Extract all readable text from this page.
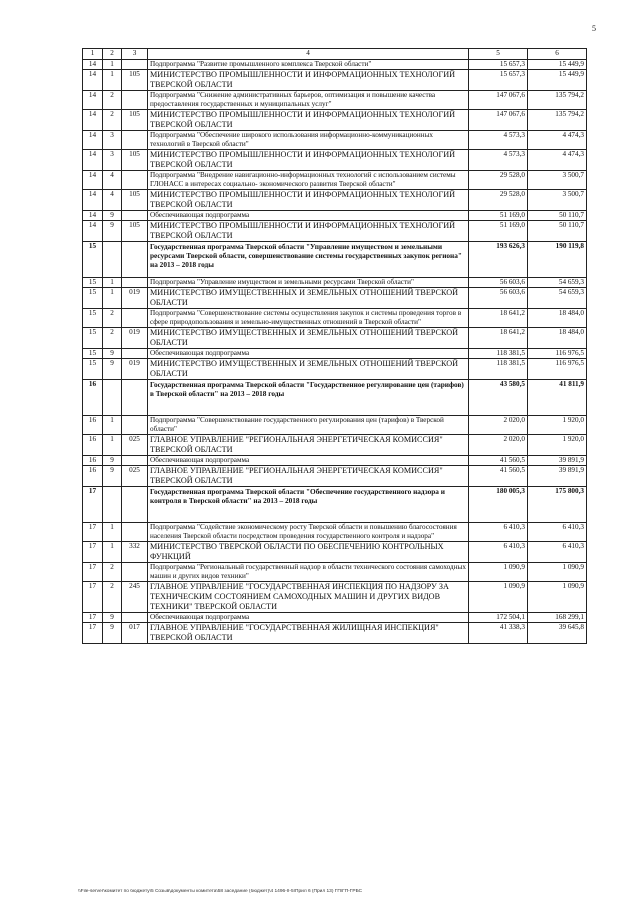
5
1	2	3	4	5	6
14	1		Подпрограмма "Развитие промышленного комплекса Тверской области"	15 657,3	15 449,9
14	1	105	МИНИСТЕРСТВО ПРОМЫШЛЕННОСТИ И ИНФОРМАЦИОННЫХ ТЕХНОЛОГИЙ ТВЕРСКОЙ ОБЛАСТИ	15 657,3	15 449,9
14	2		Подпрограмма "Снижение административных барьеров, оптимизация и повышение качества предоставления государственных и муниципальных услуг"	147 067,6	135 794,2
14	2	105	МИНИСТЕРСТВО ПРОМЫШЛЕННОСТИ И ИНФОРМАЦИОННЫХ ТЕХНОЛОГИЙ ТВЕРСКОЙ ОБЛАСТИ	147 067,6	135 794,2
14	3		Подпрограмма "Обеспечение широкого использования информационно-коммуникационных технологий в Тверской области"	4 573,3	4 474,3
14	3	105	МИНИСТЕРСТВО ПРОМЫШЛЕННОСТИ И ИНФОРМАЦИОННЫХ ТЕХНОЛОГИЙ ТВЕРСКОЙ ОБЛАСТИ	4 573,3	4 474,3
14	4		Подпрограмма "Внедрение навигационно-информационных технологий с использованием системы ГЛОНАСС в интересах социально- экономического развития Тверской области"	29 528,0	3 500,7
14	4	105	МИНИСТЕРСТВО ПРОМЫШЛЕННОСТИ И ИНФОРМАЦИОННЫХ ТЕХНОЛОГИЙ ТВЕРСКОЙ ОБЛАСТИ	29 528,0	3 500,7
14	9		Обеспечивающая подпрограмма	51 169,0	50 110,7
14	9	105	МИНИСТЕРСТВО ПРОМЫШЛЕННОСТИ И ИНФОРМАЦИОННЫХ ТЕХНОЛОГИЙ ТВЕРСКОЙ ОБЛАСТИ	51 169,0	50 110,7
15			Государственная программа Тверской области "Управление имуществом и земельными ресурсами Тверской области, совершенствование системы государственных закупок региона" на 2013 – 2018 годы	193 626,3	190 119,8
15	1		Подпрограмма "Управление имуществом и земельными ресурсами Тверской области"	56 603,6	54 659,3
15	1	019	МИНИСТЕРСТВО ИМУЩЕСТВЕННЫХ И ЗЕМЕЛЬНЫХ ОТНОШЕНИЙ ТВЕРСКОЙ ОБЛАСТИ	56 603,6	54 659,3
15	2		Подпрограмма "Совершенствование системы осуществления закупок и системы проведения торгов в сфере природопользования и земельно-имущественных отношений в Тверской области"	18 641,2	18 484,0
15	2	019	МИНИСТЕРСТВО ИМУЩЕСТВЕННЫХ И ЗЕМЕЛЬНЫХ ОТНОШЕНИЙ ТВЕРСКОЙ ОБЛАСТИ	18 641,2	18 484,0
15	9		Обеспечивающая подпрограмма	118 381,5	116 976,5
15	9	019	МИНИСТЕРСТВО ИМУЩЕСТВЕННЫХ И ЗЕМЕЛЬНЫХ ОТНОШЕНИЙ ТВЕРСКОЙ ОБЛАСТИ	118 381,5	116 976,5
16			Государственная программа Тверской области "Государственное регулирование цен (тарифов) в Тверской области" на 2013 – 2018 годы	43 580,5	41 811,9
16	1		Подпрограмма "Совершенствование государственного регулирования цен (тарифов) в Тверской области"	2 020,0	1 920,0
16	1	025	ГЛАВНОЕ УПРАВЛЕНИЕ "РЕГИОНАЛЬНАЯ ЭНЕРГЕТИЧЕСКАЯ КОМИССИЯ" ТВЕРСКОЙ ОБЛАСТИ	2 020,0	1 920,0
16	9		Обеспечивающая подпрограмма	41 560,5	39 891,9
16	9	025	ГЛАВНОЕ УПРАВЛЕНИЕ "РЕГИОНАЛЬНАЯ ЭНЕРГЕТИЧЕСКАЯ КОМИССИЯ" ТВЕРСКОЙ ОБЛАСТИ	41 560,5	39 891,9
17			Государственная программа Тверской области "Обеспечение государственного надзора и контроля в Тверской области" на 2013 – 2018 годы	180 005,3	175 800,3
17	1		Подпрограмма "Содействие экономическому росту Тверской области и повышению благосостояния населения Тверской области посредством проведения государственного контроля и надзора"	6 410,3	6 410,3
17	1	332	МИНИСТЕРСТВО ТВЕРСКОЙ ОБЛАСТИ ПО ОБЕСПЕЧЕНИЮ КОНТРОЛЬНЫХ ФУНКЦИЙ	6 410,3	6 410,3
17	2		Подпрограмма "Региональный государственный надзор в области технического состояния самоходных машин и других видов техники"	1 090,9	1 090,9
17	2	245	ГЛАВНОЕ УПРАВЛЕНИЕ "ГОСУДАРСТВЕННАЯ ИНСПЕКЦИЯ ПО НАДЗОРУ ЗА ТЕХНИЧЕСКИМ СОСТОЯНИЕМ САМОХОДНЫХ МАШИН И ДРУГИХ ВИДОВ ТЕХНИКИ" ТВЕРСКОЙ ОБЛАСТИ	1 090,9	1 090,9
17	9		Обеспечивающая подпрограмма	172 504,1	168 299,1
17	9	017	ГЛАВНОЕ УПРАВЛЕНИЕ "ГОСУДАРСТВЕННАЯ ЖИЛИЩНАЯ ИНСПЕКЦИЯ" ТВЕРСКОЙ ОБЛАСТИ	41 338,3	39 645,8
\\File-server\комитет по бюджету\5 Созыв\документы комитета\58 заседание (бюджет)\4 1496-II-5\Прил 6 (Прил 13) ГП\ГП-ГРБС
